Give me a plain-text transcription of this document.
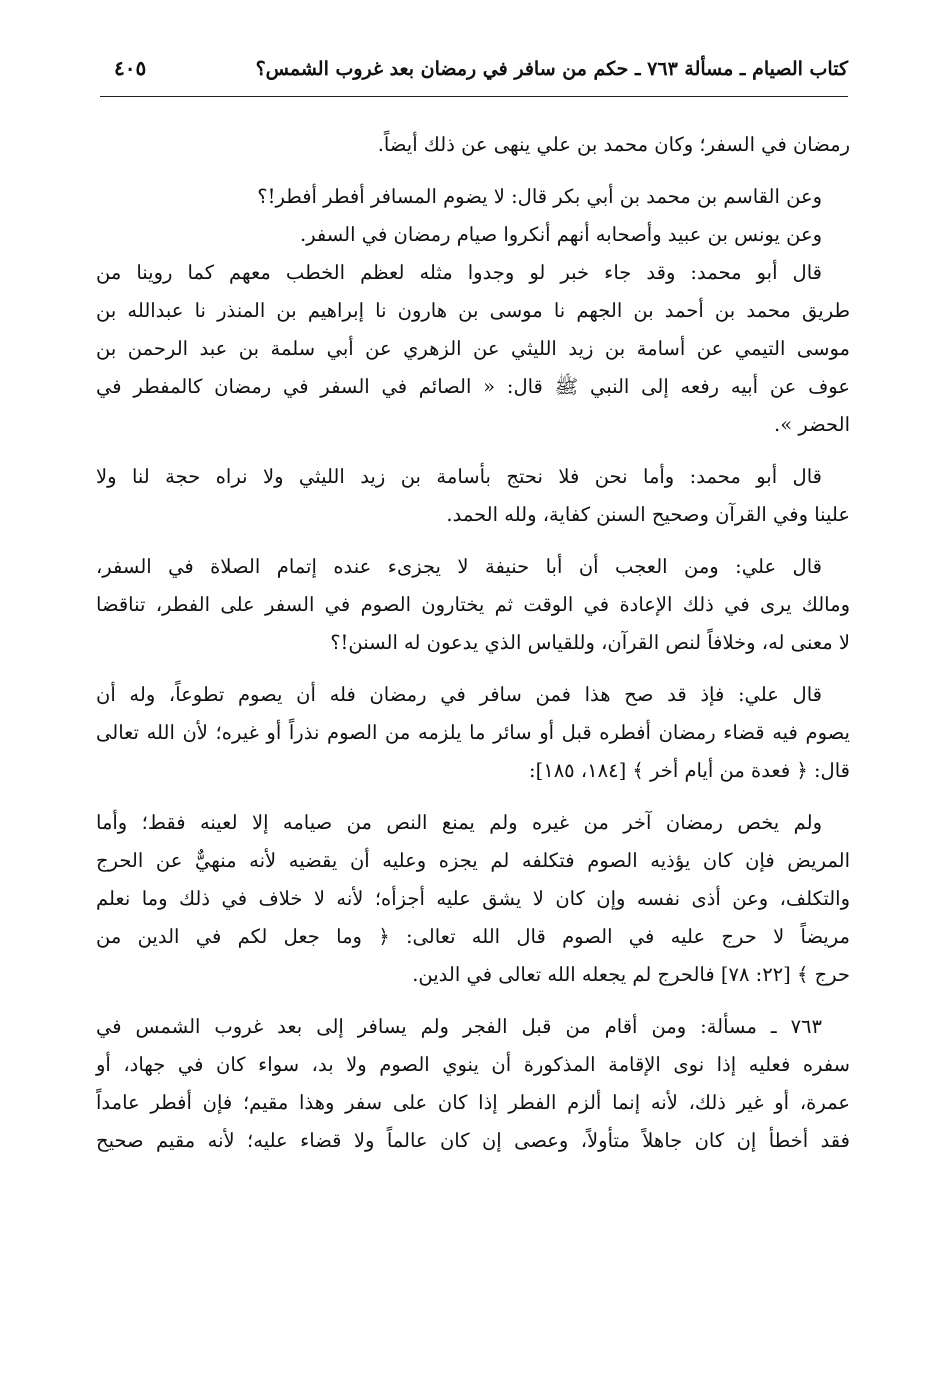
كتاب الصيام ـ مسألة ٧٦٣ ـ حكم من سافر في رمضان بعد غروب الشمس؟
٤٠٥

رمضان في السفر؛ وكان محمد بن علي ينهى عن ذلك أيضاً.

وعن القاسم بن محمد بن أبي بكر قال: لا يضوم المسافر أفطر أفطر!؟
وعن يونس بن عبيد وأصحابه أنهم أنكروا صيام رمضان في السفر.
قال أبو محمد: وقد جاء خبر لو وجدوا مثله لعظم الخطب معهم كما روينا من
طريق محمد بن أحمد بن الجهم نا موسى بن هارون نا إبراهيم بن المنذر نا عبدالله بن
موسى التيمي عن أسامة بن زيد الليثي عن الزهري عن أبي سلمة بن عبد الرحمن بن
عوف عن أبيه رفعه إلى النبي ﷺ قال: « الصائم في السفر في رمضان كالمفطر في
الحضر ».

قال أبو محمد: وأما نحن فلا نحتج بأسامة بن زيد الليثي ولا نراه حجة لنا ولا
علينا وفي القرآن وصحيح السنن كفاية، ولله الحمد.

قال علي: ومن العجب أن أبا حنيفة لا يجزىء عنده إتمام الصلاة في السفر،
ومالك يرى في ذلك الإعادة في الوقت ثم يختارون الصوم في السفر على الفطر، تناقضا
لا معنى له، وخلافاً لنص القرآن، وللقياس الذي يدعون له السنن!؟

قال علي: فإذ قد صح هذا فمن سافر في رمضان فله أن يصوم تطوعاً، وله أن
يصوم فيه قضاء رمضان أفطره قبل أو سائر ما يلزمه من الصوم نذراً أو غيره؛ لأن الله تعالى
قال: ﴿ فعدة من أيام أخر ﴾ [١٨٤، ١٨٥]:

ولم يخص رمضان آخر من غيره ولم يمنع النص من صيامه إلا لعينه فقط؛ وأما
المريض فإن كان يؤذيه الصوم فتكلفه لم يجزه وعليه أن يقضيه لأنه منهيٌّ عن الحرج
والتكلف، وعن أذى نفسه وإن كان لا يشق عليه أجزأه؛ لأنه لا خلاف في ذلك وما نعلم
مريضاً لا حرج عليه في الصوم قال الله تعالى: ﴿ وما جعل لكم في الدين من
حرج ﴾ [٢٢: ٧٨] فالحرج لم يجعله الله تعالى في الدين.

٧٦٣ ـ مسألة: ومن أقام من قبل الفجر ولم يسافر إلى بعد غروب الشمس في
سفره فعليه إذا نوى الإقامة المذكورة أن ينوي الصوم ولا بد، سواء كان في جهاد، أو
عمرة، أو غير ذلك، لأنه إنما ألزم الفطر إذا كان على سفر وهذا مقيم؛ فإن أفطر عامداً
فقد أخطأ إن كان جاهلاً متأولاً، وعصى إن كان عالماً ولا قضاء عليه؛ لأنه مقيم صحيح
